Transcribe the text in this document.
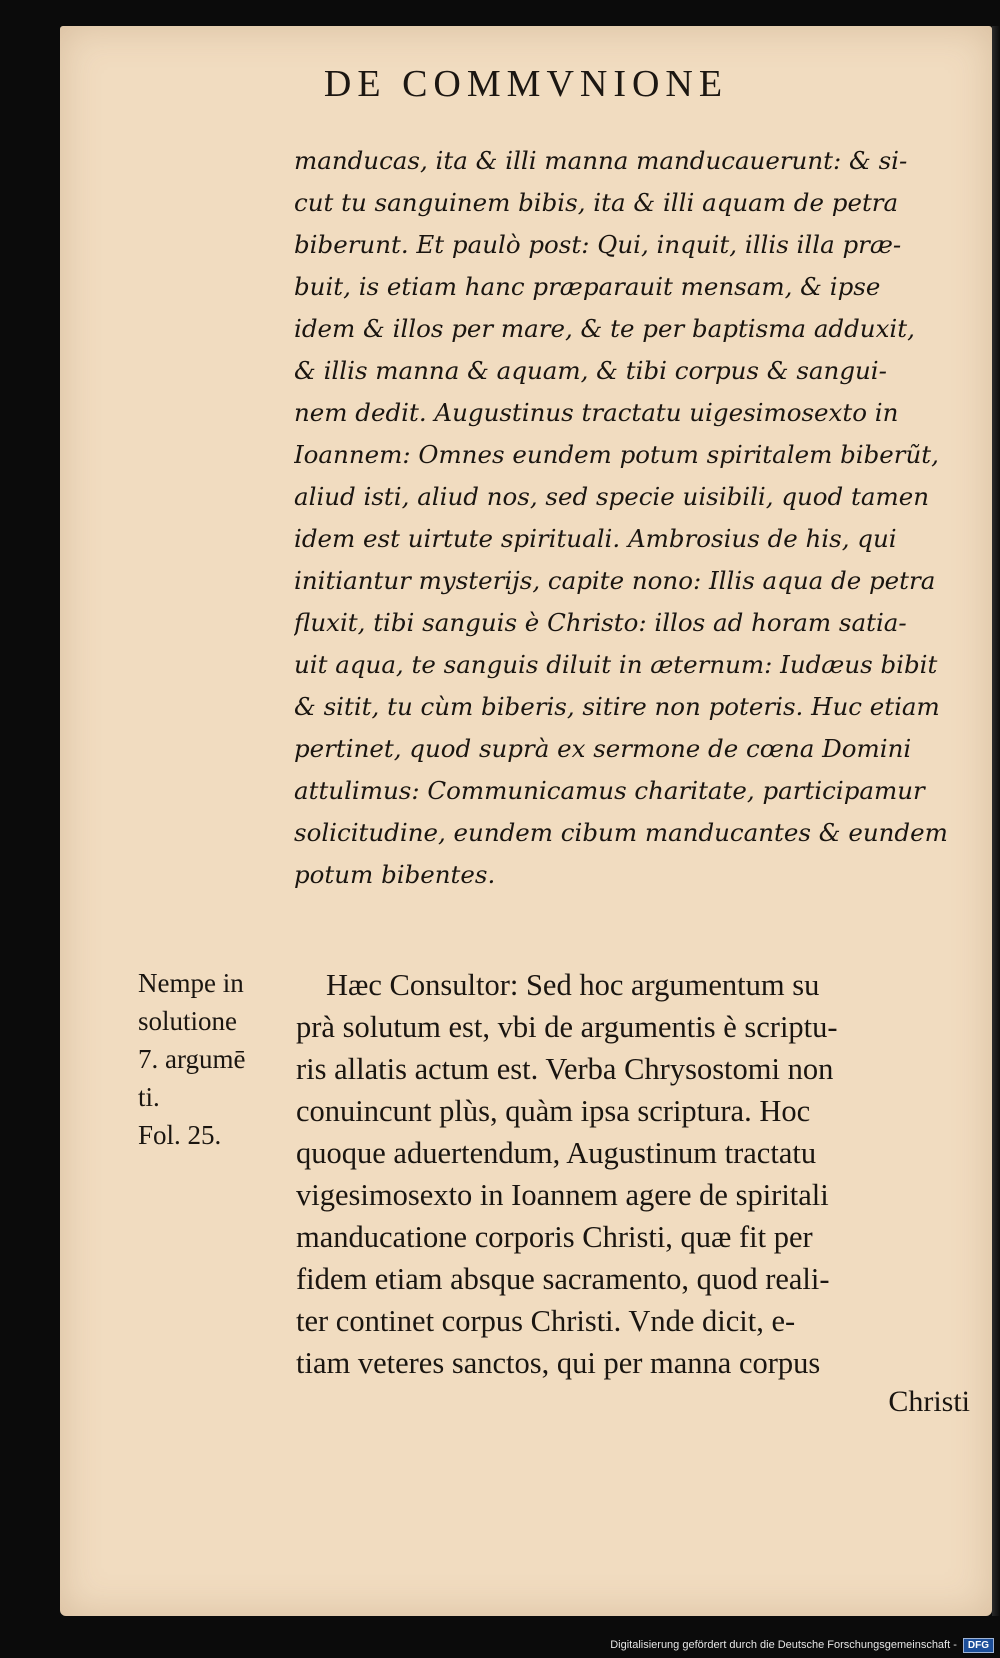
DE COMMVNIONE
manducas, ita & illi manna manducauerunt: & si-
cut tu sanguinem bibis, ita & illi aquam de petra
biberunt. Et paulò post: Qui, inquit, illis illa præ-
buit, is etiam hanc præparauit mensam, & ipse
idem & illos per mare, & te per baptisma adduxit,
& illis manna & aquam, & tibi corpus & sangui-
nem dedit. Augustinus tractatu uigesimosexto in
Ioannem: Omnes eundem potum spiritalem biberũt,
aliud isti, aliud nos, sed specie uisibili, quod tamen
idem est uirtute spirituali. Ambrosius de his, qui
initiantur mysterijs, capite nono: Illis aqua de petra
fluxit, tibi sanguis è Christo: illos ad horam satia-
uit aqua, te sanguis diluit in æternum: Iudæus bibit
& sitit, tu cùm biberis, sitire non poteris. Huc etiam
pertinet, quod suprà ex sermone de cœna Domini
attulimus: Communicamus charitate, participamur
solicitudine, eundem cibum manducantes & eundem
potum bibentes.
Nempe in
solutione
7. argumē
ti.
Fol. 25.
Hæc Consultor: Sed hoc argumentum su
prà solutum est, vbi de argumentis è scriptu-
ris allatis actum est. Verba Chrysostomi non
conuincunt plùs, quàm ipsa scriptura. Hoc
quoque aduertendum, Augustinum tractatu
vigesimosexto in Ioannem agere de spiritali
manducatione corporis Christi, quæ fit per
fidem etiam absque sacramento, quod reali-
ter continet corpus Christi. Vnde dicit, e-
tiam veteres sanctos, qui per manna corpus
Christi
Digitalisierung gefördert durch die Deutsche Forschungsgemeinschaft -	DFG
